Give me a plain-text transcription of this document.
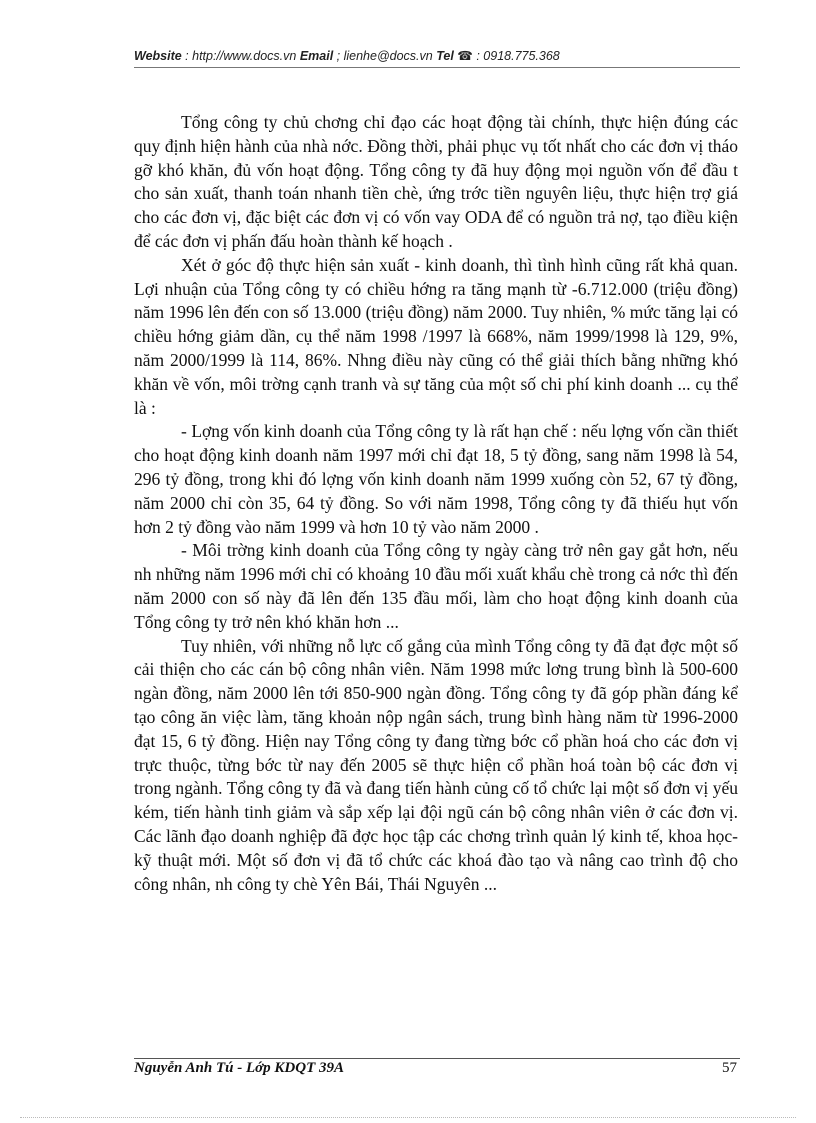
Website : http://www.docs.vn Email ; lienhe@docs.vn Tel ☎ : 0918.775.368

Tổng công ty chủ chơng chỉ đạo các hoạt động tài chính, thực hiện đúng các quy định hiện hành của nhà nớc. Đồng thời, phải phục vụ tốt nhất cho các đơn vị tháo gỡ khó khăn, đủ vốn hoạt động. Tổng công ty đã huy động mọi nguồn vốn để đầu t cho sản xuất, thanh toán nhanh tiền chè, ứng trớc tiền nguyên liệu, thực hiện trợ giá cho các đơn vị, đặc biệt các đơn vị có vốn vay ODA để có nguồn trả nợ, tạo điều kiện để các đơn vị phấn đấu hoàn thành kế hoạch .

Xét ở góc độ thực hiện sản xuất - kinh doanh, thì tình hình cũng rất khả quan. Lợi nhuận của Tổng công ty có chiều hớng ra tăng mạnh từ -6.712.000 (triệu đồng) năm 1996 lên đến con số 13.000 (triệu đồng) năm 2000. Tuy nhiên, % mức tăng lại có chiều hớng giảm dần, cụ thể năm 1998 /1997 là 668%, năm 1999/1998 là 129, 9%, năm 2000/1999 là 114, 86%. Nhng điều này cũng có thể giải thích bằng những khó khăn về vốn, môi trờng cạnh tranh và sự tăng của một số chi phí kinh doanh ... cụ thể là :

- Lợng vốn kinh doanh của Tổng công ty là rất hạn chế : nếu lợng vốn cần thiết cho hoạt động kinh doanh năm 1997 mới chỉ đạt 18, 5 tỷ đồng, sang năm 1998 là 54, 296 tỷ đồng, trong khi đó lợng vốn kinh doanh năm 1999 xuống còn 52, 67 tỷ đồng, năm 2000 chỉ còn 35, 64 tỷ đồng. So với năm 1998, Tổng công ty đã thiếu hụt vốn hơn 2 tỷ đồng vào năm 1999 và hơn 10 tỷ vào năm 2000 .

- Môi trờng kinh doanh của Tổng công ty ngày càng trở nên gay gắt hơn, nếu nh những năm 1996 mới chỉ có khoảng 10 đầu mối xuất khẩu chè trong cả nớc thì đến năm 2000 con số này đã lên đến 135 đầu mối, làm cho hoạt động kinh doanh của Tổng công ty trở nên khó khăn hơn ...

Tuy nhiên, với những nỗ lực cố gắng của mình Tổng công ty đã đạt đợc một số cải thiện cho các cán bộ công nhân viên. Năm 1998 mức lơng trung bình là 500-600 ngàn đồng, năm 2000 lên tới 850-900 ngàn đồng. Tổng công ty đã góp phần đáng kể tạo công ăn việc làm, tăng khoản nộp ngân sách, trung bình hàng năm từ 1996-2000 đạt 15, 6 tỷ đồng. Hiện nay Tổng công ty đang từng bớc cổ phần hoá cho các đơn vị trực thuộc, từng bớc từ nay đến 2005 sẽ thực hiện cổ phần hoá toàn bộ các đơn vị trong ngành. Tổng công ty đã và đang tiến hành củng cố tổ chức lại một số đơn vị yếu kém, tiến hành tinh giảm và sắp xếp lại đội ngũ cán bộ công nhân viên ở các đơn vị. Các lãnh đạo doanh nghiệp đã đợc học tập các chơng trình quản lý kinh tế, khoa học-kỹ thuật mới. Một số đơn vị đã tổ chức các khoá đào tạo và nâng cao trình độ cho công nhân, nh công ty chè Yên Bái, Thái Nguyên ...

Nguyễn Anh Tú - Lớp KDQT 39A	57
